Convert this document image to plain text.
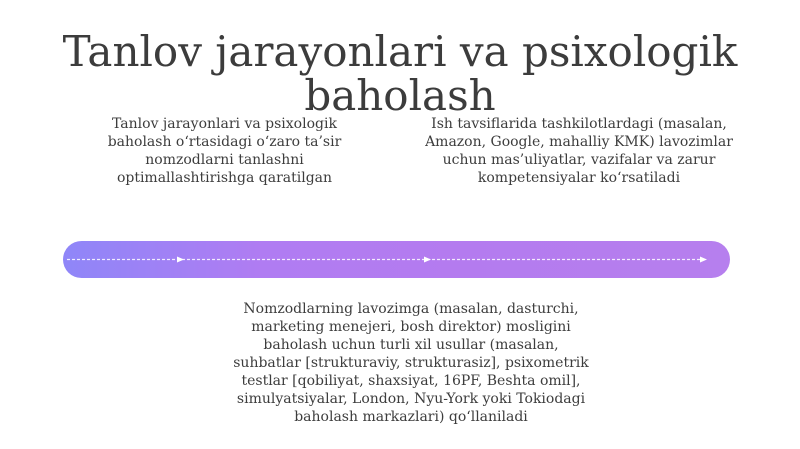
Tanlov jarayonlari va psixologik baholash
Tanlov jarayonlari va psixologik baholash o‘rtasidagi o‘zaro ta’sir nomzodlarni tanlashni optimallashtirishga qaratilgan
Ish tavsiflarida tashkilotlardagi (masalan, Amazon, Google, mahalliy KMK) lavozimlar uchun mas’uliyatlar, vazifalar va zarur kompetensiyalar ko‘rsatiladi
Nomzodlarning lavozimga (masalan, dasturchi, marketing menejeri, bosh direktor) mosligini baholash uchun turli xil usullar (masalan, suhbatlar [strukturaviy, strukturasiz], psixometrik testlar [qobiliyat, shaxsiyat, 16PF, Beshta omil], simulyatsiyalar, London, Nyu-York yoki Tokiodagi baholash markazlari) qo‘llaniladi
